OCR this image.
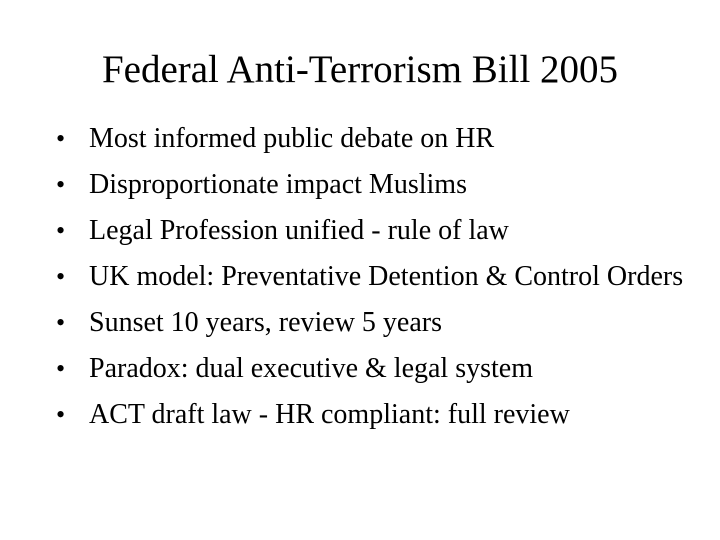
Federal Anti-Terrorism Bill 2005
• Most informed public debate on HR
• Disproportionate impact Muslims
• Legal Profession unified - rule of law
• UK model: Preventative Detention & Control Orders
• Sunset 10 years, review 5 years
• Paradox: dual executive & legal system
• ACT draft law - HR compliant: full review
